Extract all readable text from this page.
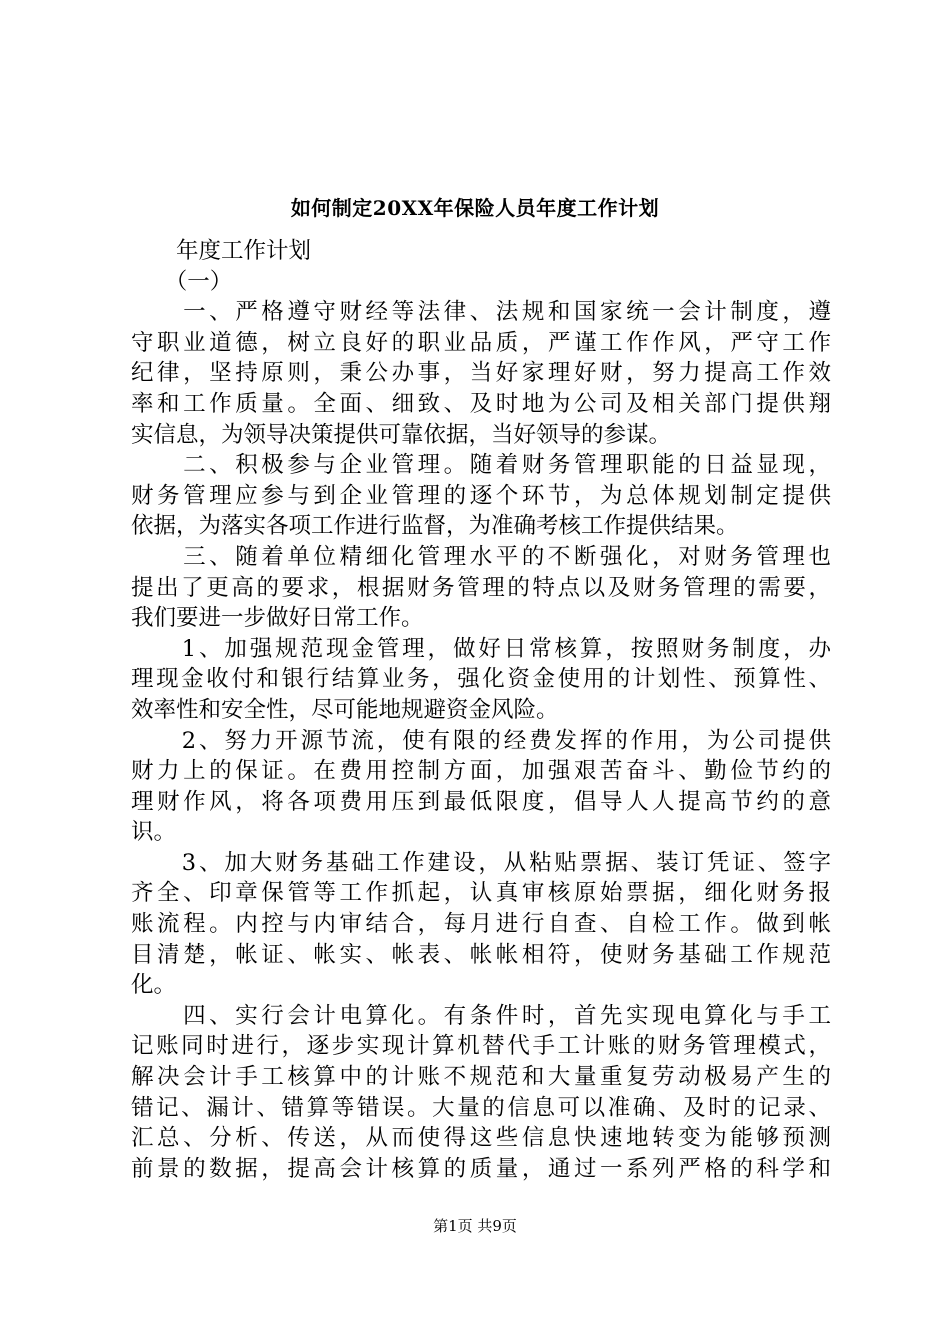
如何制定20XX年保险人员年度工作计划
　　年度工作计划
　　（一）
　　一、严格遵守财经等法律、法规和国家统一会计制度，遵
守职业道德，树立良好的职业品质，严谨工作作风，严守工作
纪律，坚持原则，秉公办事，当好家理好财，努力提高工作效
率和工作质量。全面、细致、及时地为公司及相关部门提供翔
实信息，为领导决策提供可靠依据，当好领导的参谋。
　　二、积极参与企业管理。随着财务管理职能的日益显现，
财务管理应参与到企业管理的逐个环节，为总体规划制定提供
依据，为落实各项工作进行监督，为准确考核工作提供结果。
　　三、随着单位精细化管理水平的不断强化，对财务管理也
提出了更高的要求，根据财务管理的特点以及财务管理的需要，
我们要进一步做好日常工作。
　　1、加强规范现金管理，做好日常核算，按照财务制度，办
理现金收付和银行结算业务，强化资金使用的计划性、预算性、
效率性和安全性，尽可能地规避资金风险。
　　2、努力开源节流，使有限的经费发挥的作用，为公司提供
财力上的保证。在费用控制方面，加强艰苦奋斗、勤俭节约的
理财作风，将各项费用压到最低限度，倡导人人提高节约的意
识。
　　3、加大财务基础工作建设，从粘贴票据、装订凭证、签字
齐全、印章保管等工作抓起，认真审核原始票据，细化财务报
账流程。内控与内审结合，每月进行自查、自检工作。做到帐
目清楚，帐证、帐实、帐表、帐帐相符，使财务基础工作规范
化。
　　四、实行会计电算化。有条件时，首先实现电算化与手工
记账同时进行，逐步实现计算机替代手工计账的财务管理模式，
解决会计手工核算中的计账不规范和大量重复劳动极易产生的
错记、漏计、错算等错误。大量的信息可以准确、及时的记录、
汇总、分析、传送，从而使得这些信息快速地转变为能够预测
前景的数据，提高会计核算的质量，通过一系列严格的科学和
第1页 共9页
